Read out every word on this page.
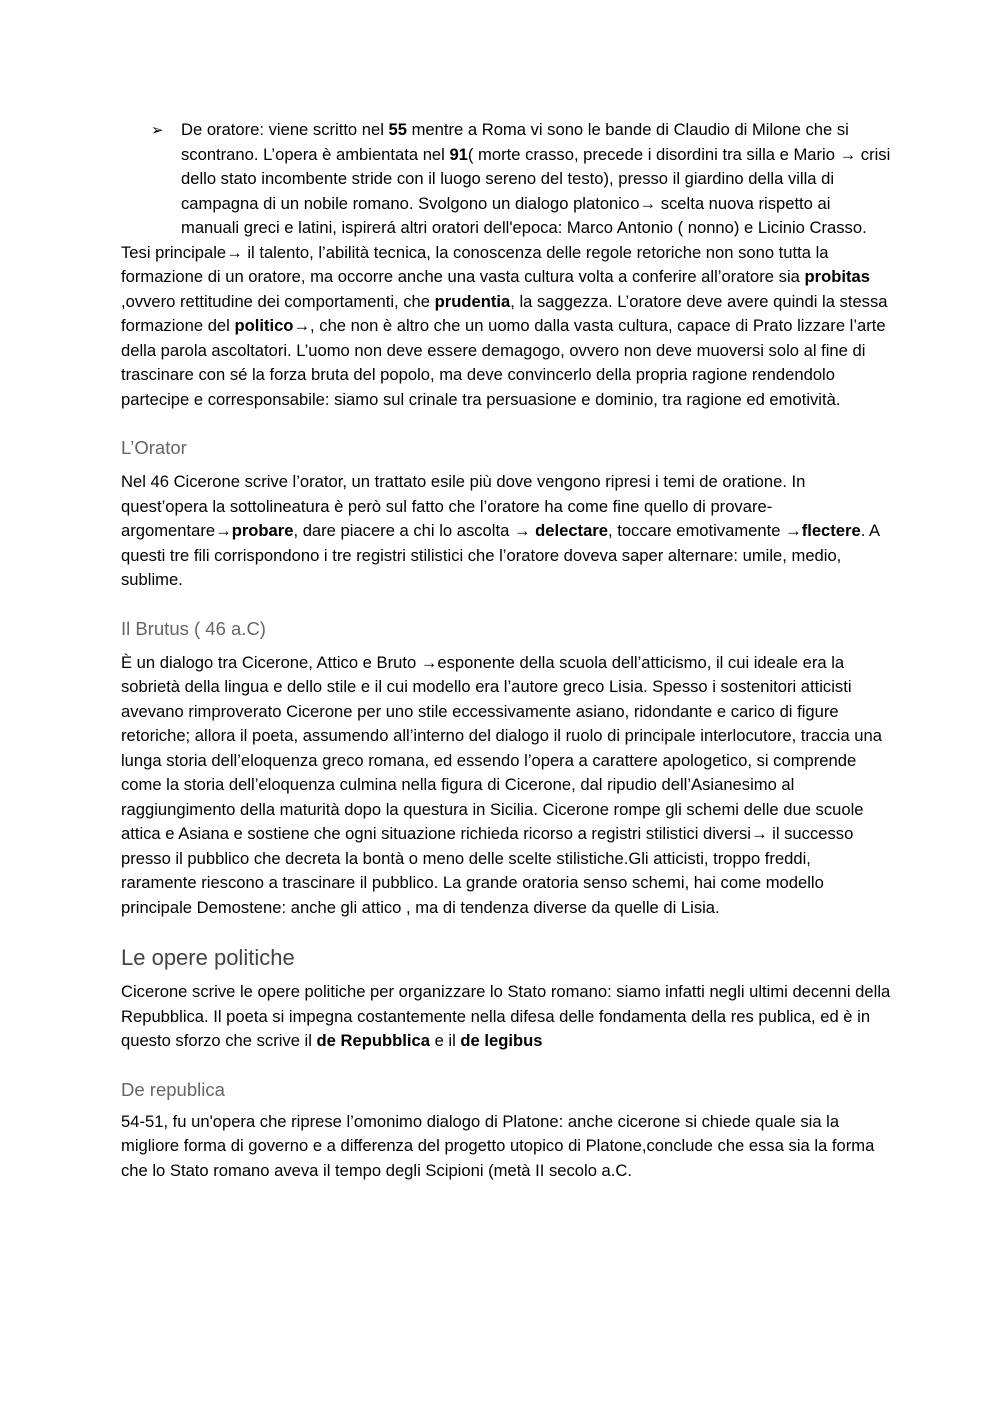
➢ De oratore: viene scritto nel 55 mentre a Roma vi sono le bande di Claudio di Milone che si scontrano. L’opera è ambientata nel 91( morte crasso, precede i disordini tra silla e Mario → crisi dello stato incombente stride con il luogo sereno del testo), presso il giardino della villa di campagna di un nobile romano. Svolgono un dialogo platonico→ scelta nuova rispetto ai manuali greci e latini, ispirerá altri oratori dell'epoca: Marco Antonio ( nonno) e Licinio Crasso.

Tesi principale→ il talento, l’abilità tecnica, la conoscenza delle regole retoriche non sono tutta la formazione di un oratore, ma occorre anche una vasta cultura volta a conferire all’oratore sia probitas ,ovvero rettitudine dei comportamenti, che prudentia, la saggezza. L’oratore deve avere quindi la stessa formazione del politico→, che non è altro che un uomo dalla vasta cultura, capace di Prato lizzare l’arte della parola ascoltatori. L’uomo non deve essere demagogo, ovvero non deve muoversi solo al fine di trascinare con sé la forza bruta del popolo, ma deve convincerlo della propria ragione rendendolo partecipe e corresponsabile: siamo sul crinale tra persuasione e dominio, tra ragione ed emotività.

L’Orator

Nel 46 Cicerone scrive l’orator, un trattato esile più dove vengono ripresi i temi de oratione. In quest’opera la sottolineatura è però sul fatto che l’oratore ha come fine quello di provare-argomentare→probare, dare piacere a chi lo ascolta → delectare, toccare emotivamente →flectere. A questi tre fili corrispondono i tre registri stilistici che l’oratore doveva saper alternare: umile, medio, sublime.

Il Brutus ( 46 a.C)

È un dialogo tra Cicerone, Attico e Bruto →esponente della scuola dell’atticismo, il cui ideale era la sobrietà della lingua e dello stile e il cui modello era l’autore greco Lisia. Spesso i sostenitori atticisti avevano rimproverato Cicerone per uno stile eccessivamente asiano, ridondante e carico di figure retoriche; allora il poeta, assumendo all’interno del dialogo il ruolo di principale interlocutore, traccia una lunga storia dell’eloquenza greco romana, ed essendo l’opera a carattere apologetico, si comprende come la storia dell’eloquenza culmina nella figura di Cicerone, dal ripudio dell’Asianesimo al raggiungimento della maturità dopo la questura in Sicilia. Cicerone rompe gli schemi delle due scuole attica e Asiana e sostiene che ogni situazione richieda ricorso a registri stilistici diversi→ il successo presso il pubblico che decreta la bontà o meno delle scelte stilistiche.Gli atticisti, troppo freddi, raramente riescono a trascinare il pubblico. La grande oratoria senso schemi, hai come modello principale Demostene: anche gli attico , ma di tendenza diverse da quelle di Lisia.

Le opere politiche

Cicerone scrive le opere politiche per organizzare lo Stato romano: siamo infatti negli ultimi decenni della Repubblica. Il poeta si impegna costantemente nella difesa delle fondamenta della res publica, ed è in questo sforzo che scrive il de Repubblica e il de legibus

De republica

54-51, fu un'opera che riprese l’omonimo dialogo di Platone: anche cicerone si chiede quale sia la migliore forma di governo e a differenza del progetto utopico di Platone,conclude che essa sia la forma che lo Stato romano aveva il tempo degli Scipioni (metà II secolo a.C.
